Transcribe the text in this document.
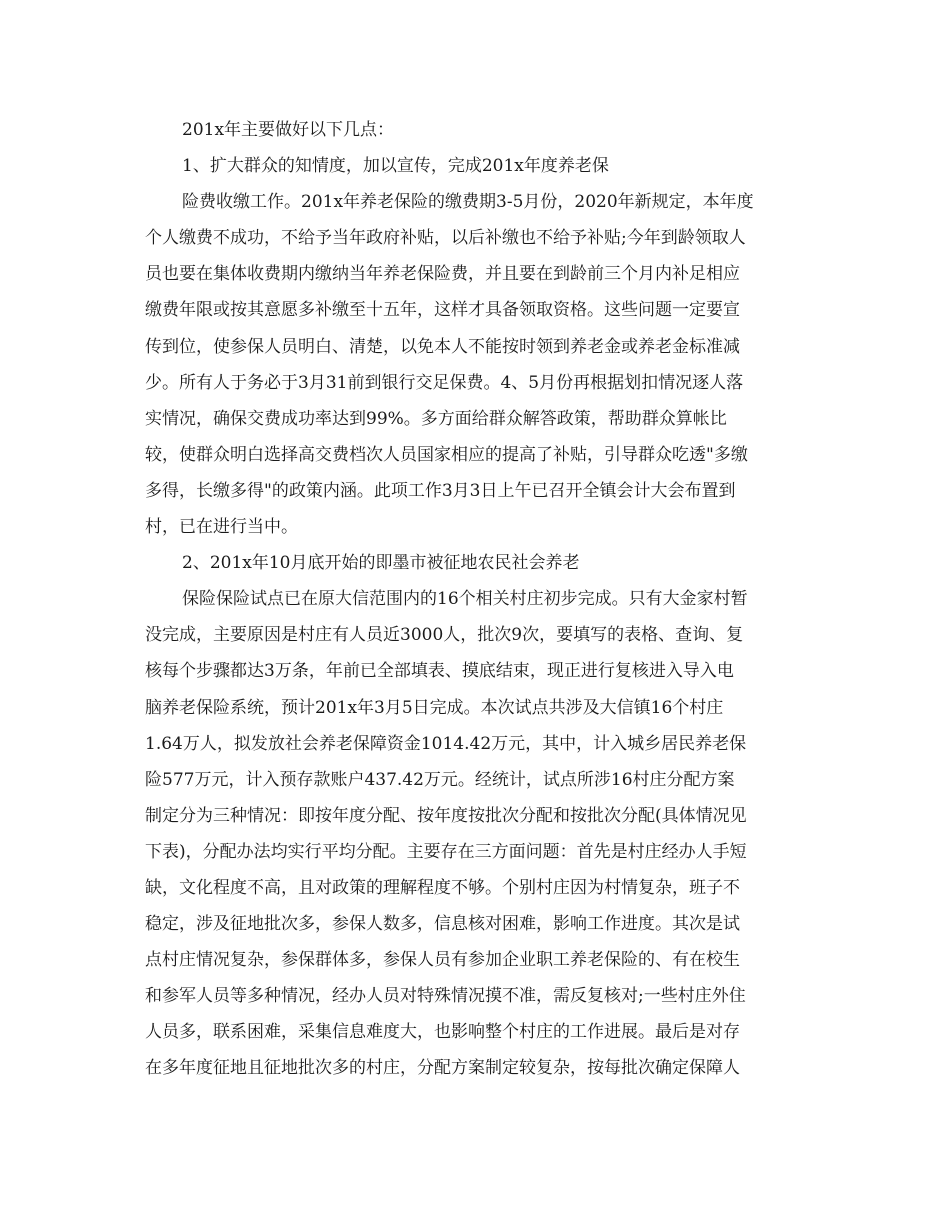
201x年主要做好以下几点：
1、扩大群众的知情度，加以宣传，完成201x年度养老保
险费收缴工作。201x年养老保险的缴费期3-5月份，2020年新规定，本年度
个人缴费不成功，不给予当年政府补贴，以后补缴也不给予补贴;今年到龄领取人
员也要在集体收费期内缴纳当年养老保险费，并且要在到龄前三个月内补足相应
缴费年限或按其意愿多补缴至十五年，这样才具备领取资格。这些问题一定要宣
传到位，使参保人员明白、清楚，以免本人不能按时领到养老金或养老金标准减
少。所有人于务必于3月31前到银行交足保费。4、5月份再根据划扣情况逐人落
实情况，确保交费成功率达到99%。多方面给群众解答政策，帮助群众算帐比
较，使群众明白选择高交费档次人员国家相应的提高了补贴，引导群众吃透"多缴
多得，长缴多得"的政策内涵。此项工作3月3日上午已召开全镇会计大会布置到
村，已在进行当中。
2、201x年10月底开始的即墨市被征地农民社会养老
保险保险试点已在原大信范围内的16个相关村庄初步完成。只有大金家村暂
没完成，主要原因是村庄有人员近3000人，批次9次，要填写的表格、查询、复
核每个步骤都达3万条，年前已全部填表、摸底结束，现正进行复核进入导入电
脑养老保险系统，预计201x年3月5日完成。本次试点共涉及大信镇16个村庄
1.64万人，拟发放社会养老保障资金1014.42万元，其中，计入城乡居民养老保
险577万元，计入预存款账户437.42万元。经统计，试点所涉16村庄分配方案
制定分为三种情况：即按年度分配、按年度按批次分配和按批次分配(具体情况见
下表)，分配办法均实行平均分配。主要存在三方面问题：首先是村庄经办人手短
缺，文化程度不高，且对政策的理解程度不够。个别村庄因为村情复杂，班子不
稳定，涉及征地批次多，参保人数多，信息核对困难，影响工作进度。其次是试
点村庄情况复杂，参保群体多，参保人员有参加企业职工养老保险的、有在校生
和参军人员等多种情况，经办人员对特殊情况摸不准，需反复核对;一些村庄外住
人员多，联系困难，采集信息难度大，也影响整个村庄的工作进展。最后是对存
在多年度征地且征地批次多的村庄，分配方案制定较复杂，按每批次确定保障人
